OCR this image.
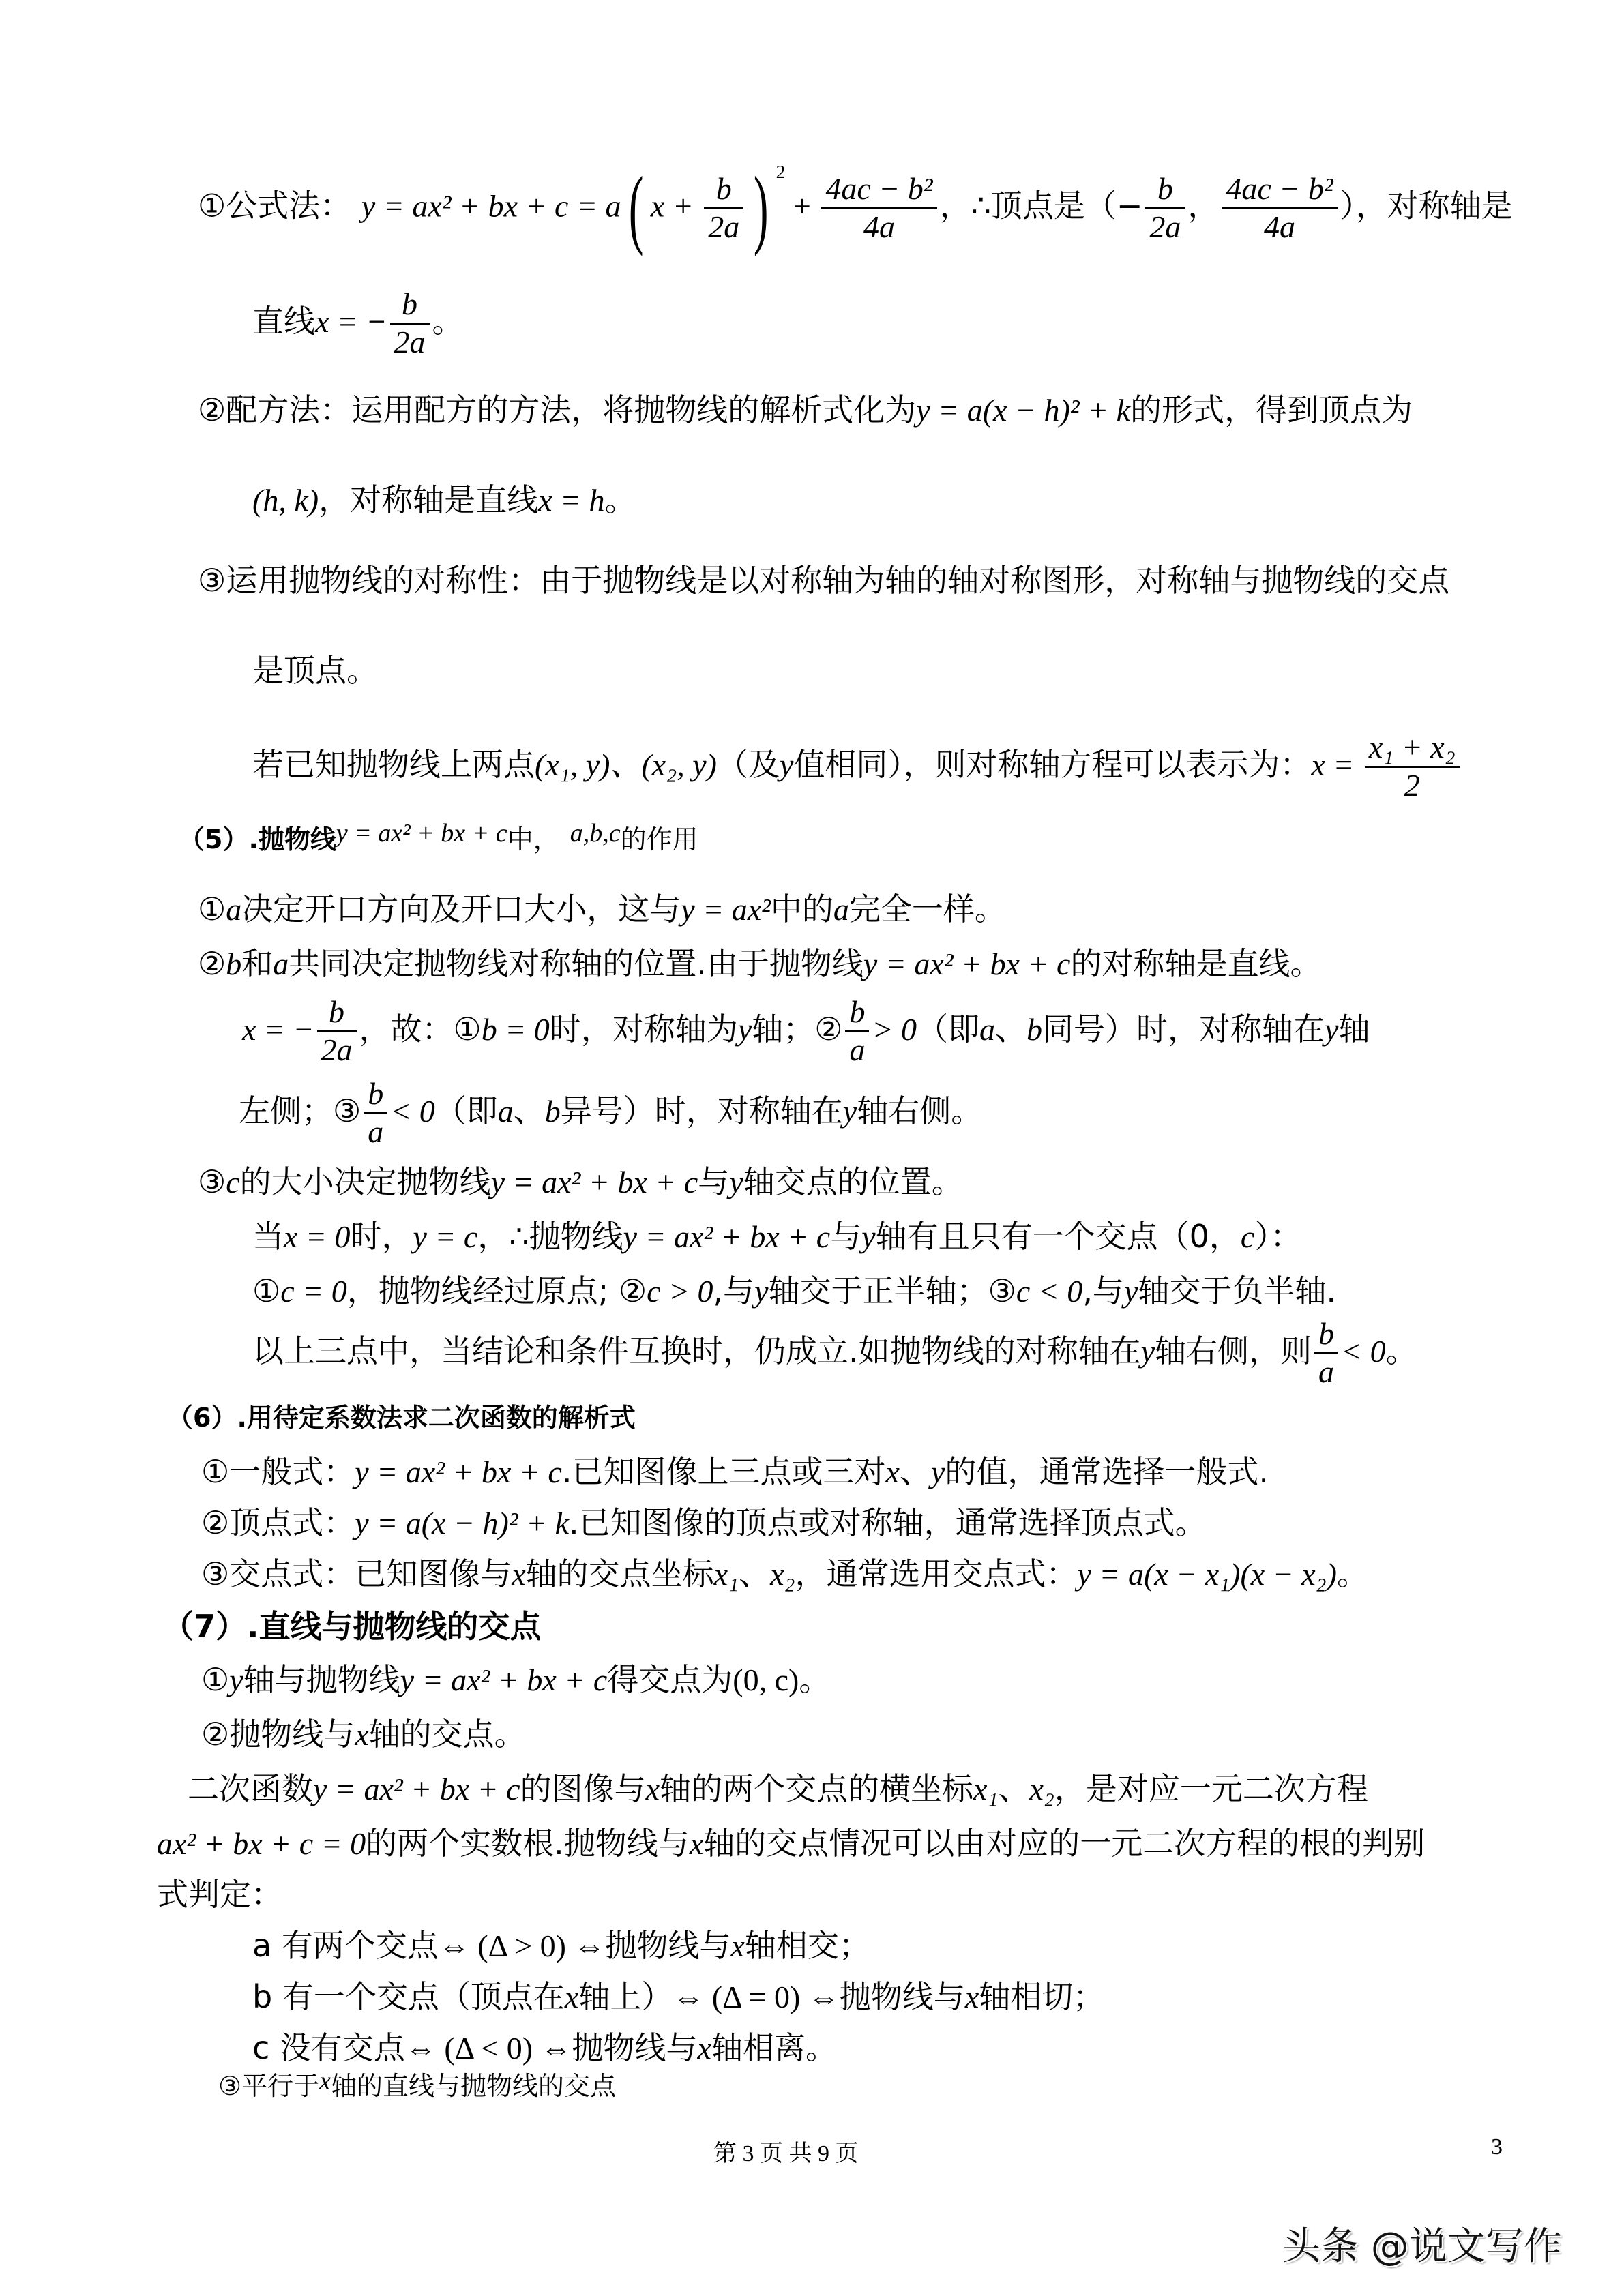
①公式法： y = ax² + bx + c = a( $x + \frac{b}{2a}$ ) $^2 + \frac{\text{4ac − b²}}{4a}$ ，∴顶点是（− $\frac{b}{2a}$ ， $\frac{\text{4ac − b²}}{4a}$ ），对称轴是
直线x = − $\frac{b}{2a}$ 。
②配方法：运用配方的方法，将抛物线的解析式化为y = a(x − h)² + k的形式，得到顶点为
(h, k)，对称轴是直线x = h。
③运用抛物线的对称性：由于抛物线是以对称轴为轴的轴对称图形，对称轴与抛物线的交点
是顶点。
若已知抛物线上两点(x₁, y)、(x₂, y)（及y值相同），则对称轴方程可以表示为：$x = \frac{\text{x₁ + x₂}}{2}$
（5）.抛物线y = ax² + bx + c中， a,b,c的作用
①a决定开口方向及开口大小，这与y = ax²中的a完全一样。
②b和a共同决定抛物线对称轴的位置.由于抛物线y = ax² + bx + c的对称轴是直线。
x = − $\frac{b}{2a}$ ，故：①b = 0时，对称轴为y轴；② $\frac{b}{a} > 0$（即a、b同号）时，对称轴在y轴
左侧；③ $\frac{b}{a} < 0$（即a、b异号）时，对称轴在y轴右侧。
③c的大小决定抛物线y = ax² + bx + c与y轴交点的位置。
当x = 0时，y = c，∴抛物线y = ax² + bx + c与y轴有且只有一个交点（0，c）：
①c = 0，抛物线经过原点; ②c > 0,与y轴交于正半轴；③c < 0,与y轴交于负半轴.
以上三点中，当结论和条件互换时，仍成立.如抛物线的对称轴在y轴右侧，则 $\frac{b}{a} < 0$。
（6）.用待定系数法求二次函数的解析式
①一般式：y = ax² + bx + c.已知图像上三点或三对x、y的值，通常选择一般式.
②顶点式：y = a(x − h)² + k.已知图像的顶点或对称轴，通常选择顶点式。
③交点式：已知图像与x轴的交点坐标x₁、x₂，通常选用交点式：y = a(x − x₁)(x − x₂)。
（7）.直线与抛物线的交点
①y轴与抛物线y = ax² + bx + c得交点为(0, c)。
②抛物线与x轴的交点。
二次函数y = ax² + bx + c的图像与x轴的两个交点的横坐标x₁、x₂，是对应一元二次方程
ax² + bx + c = 0的两个实数根.抛物线与x轴的交点情况可以由对应的一元二次方程的根的判别
式判定：
a 有两个交点⇔ (Δ > 0) ⇔抛物线与x轴相交；
b 有一个交点（顶点在x轴上）⇔ (Δ = 0) ⇔抛物线与x轴相切；
c 没有交点⇔ (Δ < 0) ⇔抛物线与x轴相离。
③平行于x轴的直线与抛物线的交点
第 3 页 共 9 页	3
头条 @说文写作
